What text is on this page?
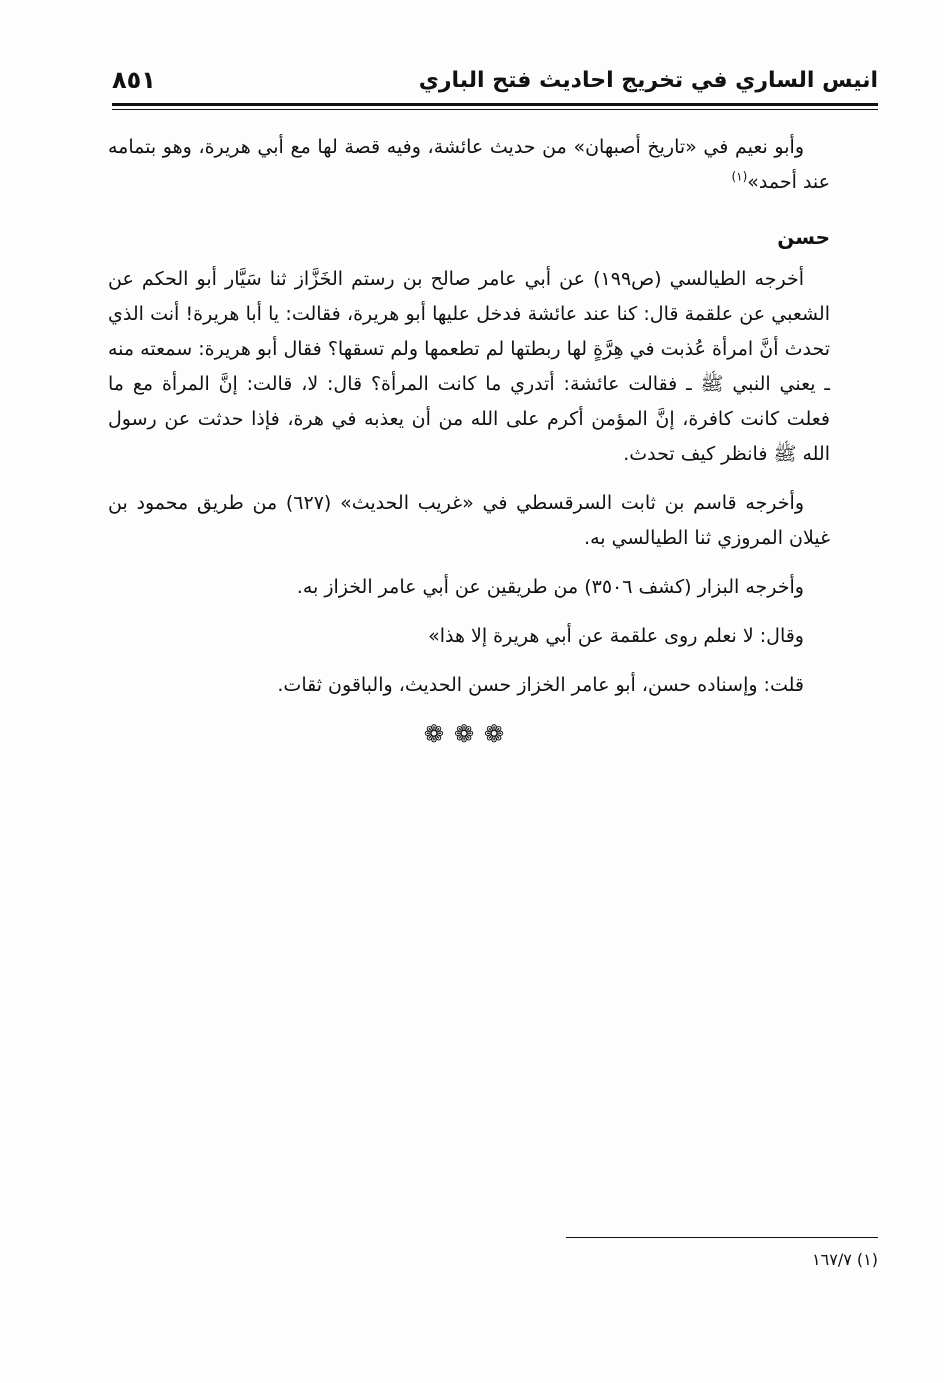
انيس الساري في تخريج احاديث فتح الباري
٨٥١

وأبو نعيم في «تاريخ أصبهان» من حديث عائشة، وفيه قصة لها مع أبي هريرة، وهو بتمامه عند أحمد»$^{(١)}$

حسن

أخرجه الطيالسي (ص١٩٩) عن أبي عامر صالح بن رستم الخَزَّاز ثنا سَيَّار أبو الحكم عن الشعبي عن علقمة قال: كنا عند عائشة فدخل عليها أبو هريرة، فقالت: يا أبا هريرة! أنت الذي تحدث أنَّ امرأة عُذبت في هِرَّةٍ لها ربطتها لم تطعمها ولم تسقها؟ فقال أبو هريرة: سمعته منه ـ يعني النبي ﷺ ـ فقالت عائشة: أتدري ما كانت المرأة؟ قال: لا، قالت: إنَّ المرأة مع ما فعلت كانت كافرة، إنَّ المؤمن أكرم على الله من أن يعذبه في هرة، فإذا حدثت عن رسول الله ﷺ فانظر كيف تحدث.

وأخرجه قاسم بن ثابت السرقسطي في «غريب الحديث» (٦٢٧) من طريق محمود بن غيلان المروزي ثنا الطيالسي به.

وأخرجه البزار (كشف ٣٥٠٦) من طريقين عن أبي عامر الخزاز به.

وقال: لا نعلم روى علقمة عن أبي هريرة إلا هذا»

قلت: وإسناده حسن، أبو عامر الخزاز حسن الحديث، والباقون ثقات.

❁❁❁
(١) ١٦٧/٧
